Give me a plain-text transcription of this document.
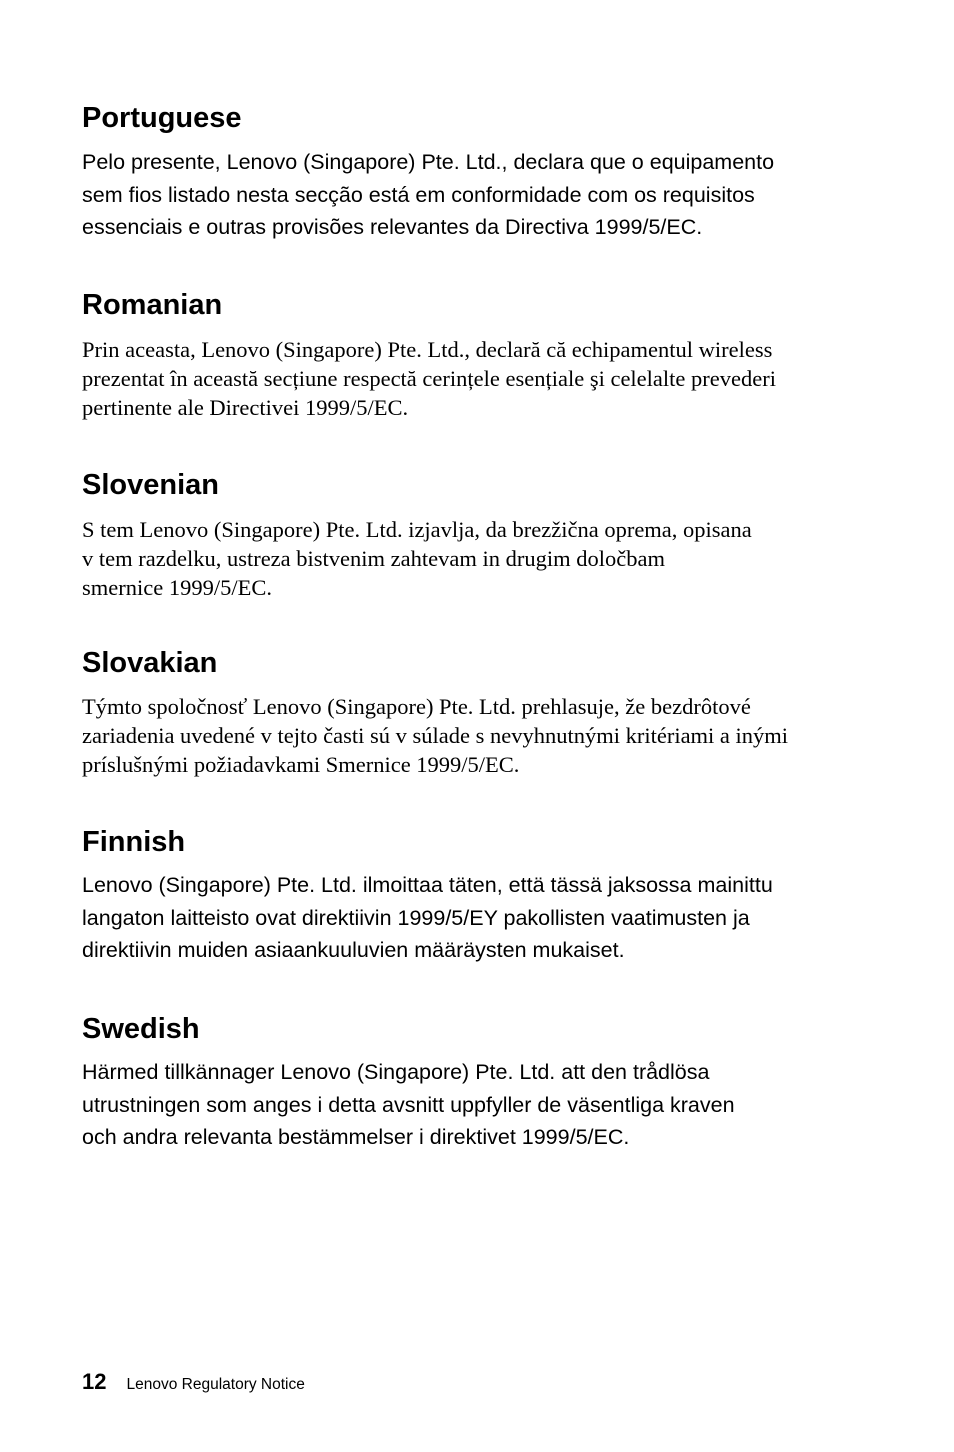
Portuguese

Pelo presente, Lenovo (Singapore) Pte. Ltd., declara que o equipamento
sem fios listado nesta secção está em conformidade com os requisitos
essenciais e outras provisões relevantes da Directiva 1999/5/EC.

Romanian

Prin aceasta, Lenovo (Singapore) Pte. Ltd., declară că echipamentul wireless
prezentat în această secțiune respectă cerințele esențiale şi celelalte prevederi
pertinente ale Directivei 1999/5/EC.

Slovenian

S tem Lenovo (Singapore) Pte. Ltd. izjavlja, da brezžična oprema, opisana
v tem razdelku, ustreza bistvenim zahtevam in drugim določbam
smernice 1999/5/EC.

Slovakian

Týmto spoločnosť Lenovo (Singapore) Pte. Ltd. prehlasuje, že bezdrôtové
zariadenia uvedené v tejto časti sú v súlade s nevyhnutnými kritériami a inými
príslušnými požiadavkami Smernice 1999/5/EC.

Finnish

Lenovo (Singapore) Pte. Ltd. ilmoittaa täten, että tässä jaksossa mainittu
langaton laitteisto ovat direktiivin 1999/5/EY pakollisten vaatimusten ja
direktiivin muiden asiaankuuluvien määräysten mukaiset.

Swedish

Härmed tillkännager Lenovo (Singapore) Pte. Ltd. att den trådlösa
utrustningen som anges i detta avsnitt uppfyller de väsentliga kraven
och andra relevanta bestämmelser i direktivet 1999/5/EC.

12 Lenovo Regulatory Notice
